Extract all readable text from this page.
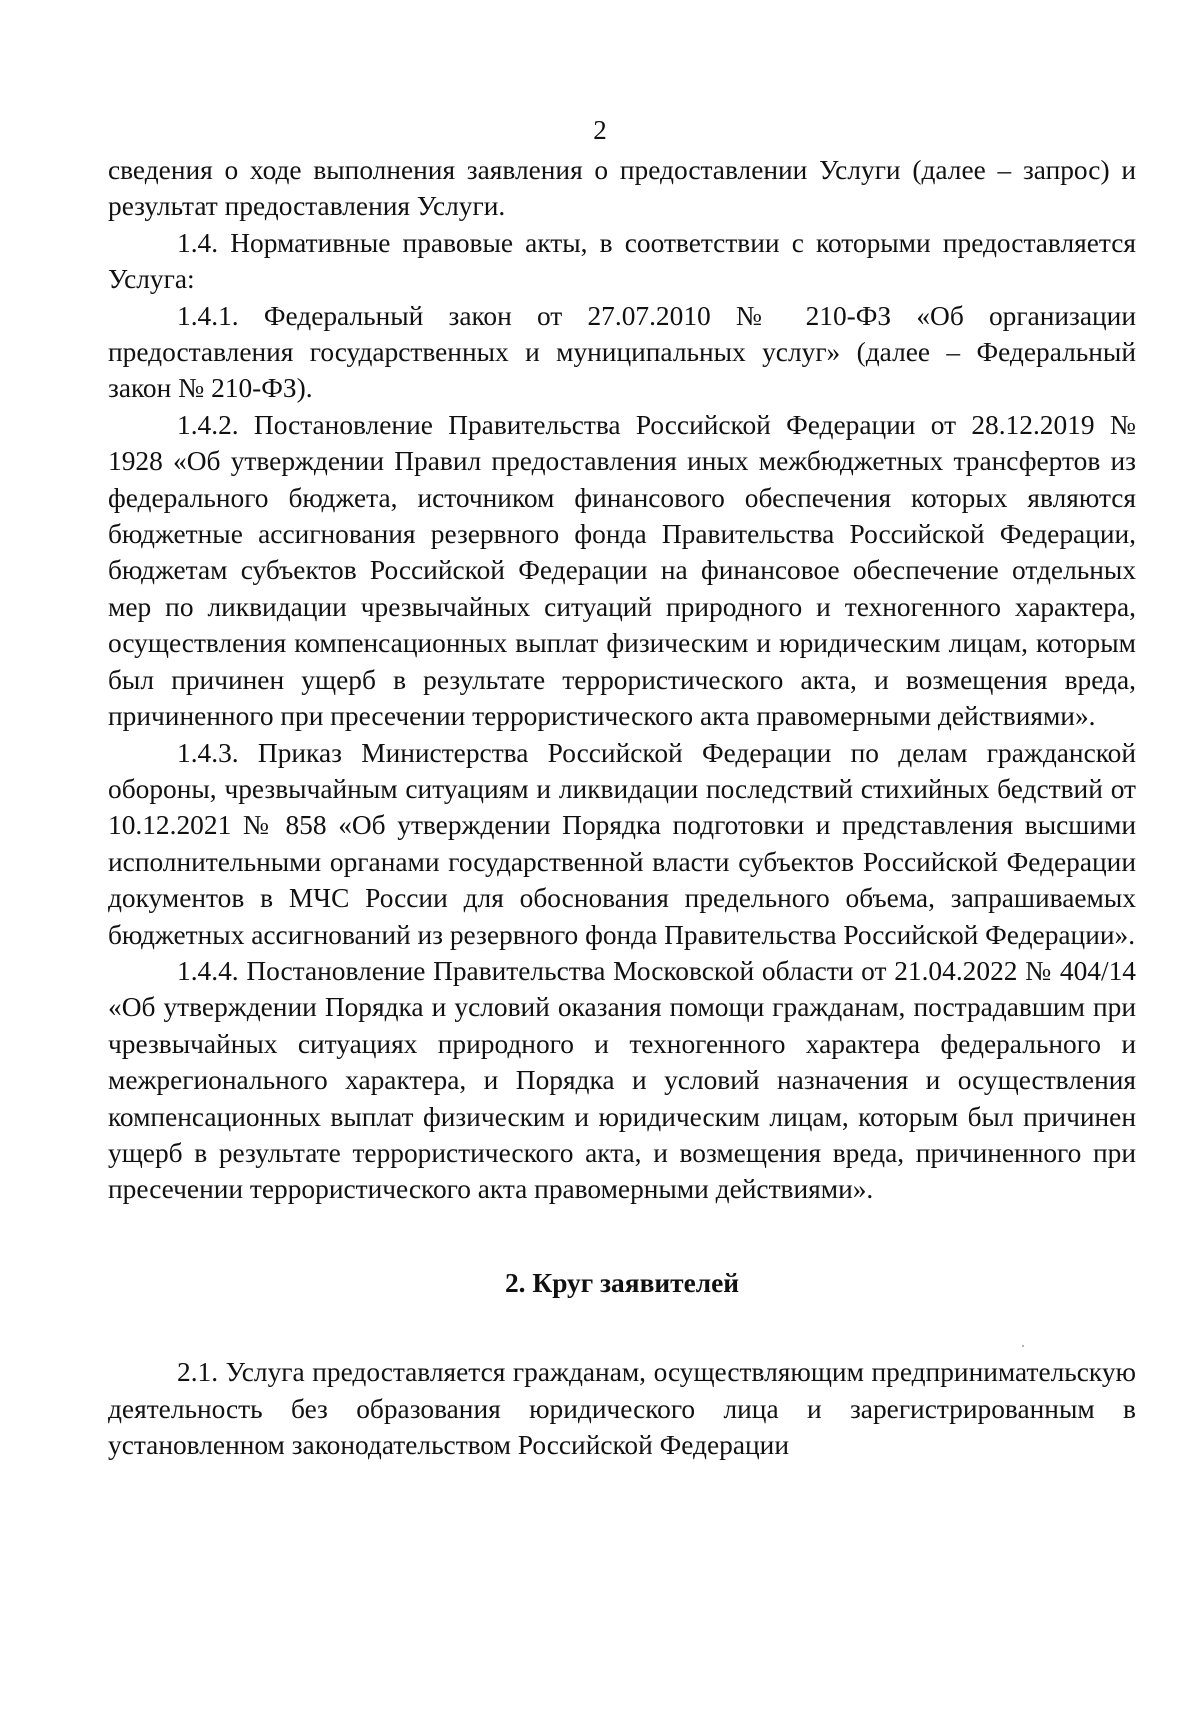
2

сведения о ходе выполнения заявления о предоставлении Услуги (далее – запрос) и результат предоставления Услуги.

1.4. Нормативные правовые акты, в соответствии с которыми предоставляется Услуга:

1.4.1. Федеральный закон от 27.07.2010 № 210-ФЗ «Об организации предоставления государственных и муниципальных услуг» (далее – Федеральный закон № 210-ФЗ).

1.4.2. Постановление Правительства Российской Федерации от 28.12.2019 № 1928 «Об утверждении Правил предоставления иных межбюджетных трансфертов из федерального бюджета, источником финансового обеспечения которых являются бюджетные ассигнования резервного фонда Правительства Российской Федерации, бюджетам субъектов Российской Федерации на финансовое обеспечение отдельных мер по ликвидации чрезвычайных ситуаций природного и техногенного характера, осуществления компенсационных выплат физическим и юридическим лицам, которым был причинен ущерб в результате террористического акта, и возмещения вреда, причиненного при пресечении террористического акта правомерными действиями».

1.4.3. Приказ Министерства Российской Федерации по делам гражданской обороны, чрезвычайным ситуациям и ликвидации последствий стихийных бедствий от 10.12.2021 № 858 «Об утверждении Порядка подготовки и представления высшими исполнительными органами государственной власти субъектов Российской Федерации документов в МЧС России для обоснования предельного объема, запрашиваемых бюджетных ассигнований из резервного фонда Правительства Российской Федерации».

1.4.4. Постановление Правительства Московской области от 21.04.2022 № 404/14 «Об утверждении Порядка и условий оказания помощи гражданам, пострадавшим при чрезвычайных ситуациях природного и техногенного характера федерального и межрегионального характера, и Порядка и условий назначения и осуществления компенсационных выплат физическим и юридическим лицам, которым был причинен ущерб в результате террористического акта, и возмещения вреда, причиненного при пресечении террористического акта правомерными действиями».

2. Круг заявителей

2.1. Услуга предоставляется гражданам, осуществляющим предпринимательскую деятельность без образования юридического лица и зарегистрированным в установленном законодательством Российской Федерации
